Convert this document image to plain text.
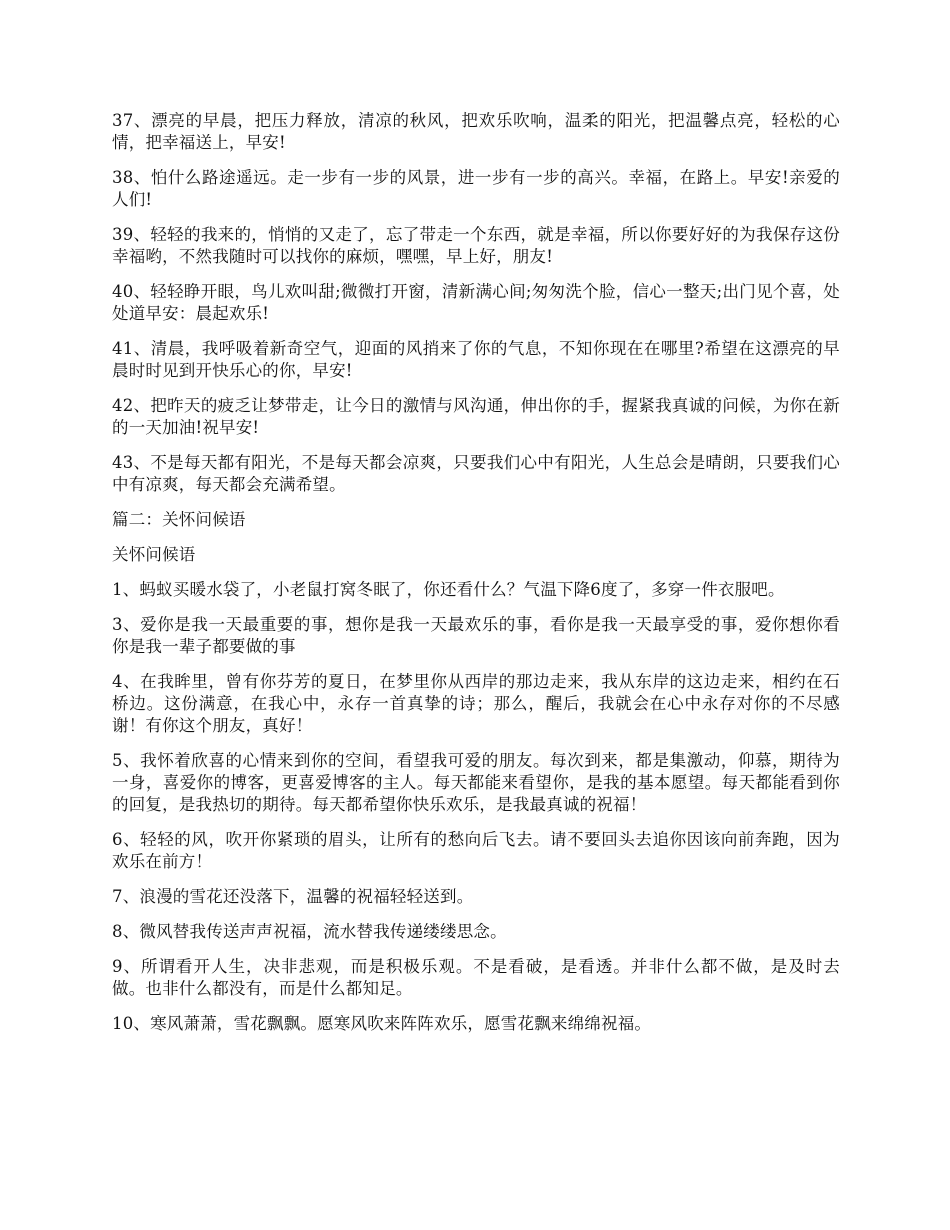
37、漂亮的早晨，把压力释放，清凉的秋风，把欢乐吹响，温柔的阳光，把温馨点亮，轻松的心情，把幸福送上，早安!

38、怕什么路途遥远。走一步有一步的风景，进一步有一步的高兴。幸福，在路上。早安!亲爱的人们!

39、轻轻的我来的，悄悄的又走了，忘了带走一个东西，就是幸福，所以你要好好的为我保存这份幸福哟，不然我随时可以找你的麻烦，嘿嘿，早上好，朋友!

40、轻轻睁开眼，鸟儿欢叫甜;微微打开窗，清新满心间;匆匆洗个脸，信心一整天;出门见个喜，处处道早安：晨起欢乐!

41、清晨，我呼吸着新奇空气，迎面的风捎来了你的气息，不知你现在在哪里?希望在这漂亮的早晨时时见到开快乐心的你，早安!

42、把昨天的疲乏让梦带走，让今日的激情与风沟通，伸出你的手，握紧我真诚的问候，为你在新的一天加油!祝早安!

43、不是每天都有阳光，不是每天都会凉爽，只要我们心中有阳光，人生总会是晴朗，只要我们心中有凉爽，每天都会充满希望。

篇二：关怀问候语

关怀问候语

1、蚂蚁买暖水袋了，小老鼠打窝冬眠了，你还看什么？气温下降6度了，多穿一件衣服吧。

3、爱你是我一天最重要的事，想你是我一天最欢乐的事，看你是我一天最享受的事，爱你想你看你是我一辈子都要做的事

4、在我眸里，曾有你芬芳的夏日，在梦里你从西岸的那边走来，我从东岸的这边走来，相约在石桥边。这份满意，在我心中，永存一首真挚的诗；那么，醒后，我就会在心中永存对你的不尽感谢！有你这个朋友，真好！

5、我怀着欣喜的心情来到你的空间，看望我可爱的朋友。每次到来，都是集激动，仰慕，期待为一身，喜爱你的博客，更喜爱博客的主人。每天都能来看望你，是我的基本愿望。每天都能看到你的回复，是我热切的期待。每天都希望你快乐欢乐，是我最真诚的祝福！

6、轻轻的风，吹开你紧琐的眉头，让所有的愁向后飞去。请不要回头去追你因该向前奔跑，因为欢乐在前方！

7、浪漫的雪花还没落下，温馨的祝福轻轻送到。

8、微风替我传送声声祝福，流水替我传递缕缕思念。

9、所谓看开人生，决非悲观，而是积极乐观。不是看破，是看透。并非什么都不做，是及时去做。也非什么都没有，而是什么都知足。

10、寒风萧萧，雪花飘飘。愿寒风吹来阵阵欢乐，愿雪花飘来绵绵祝福。
